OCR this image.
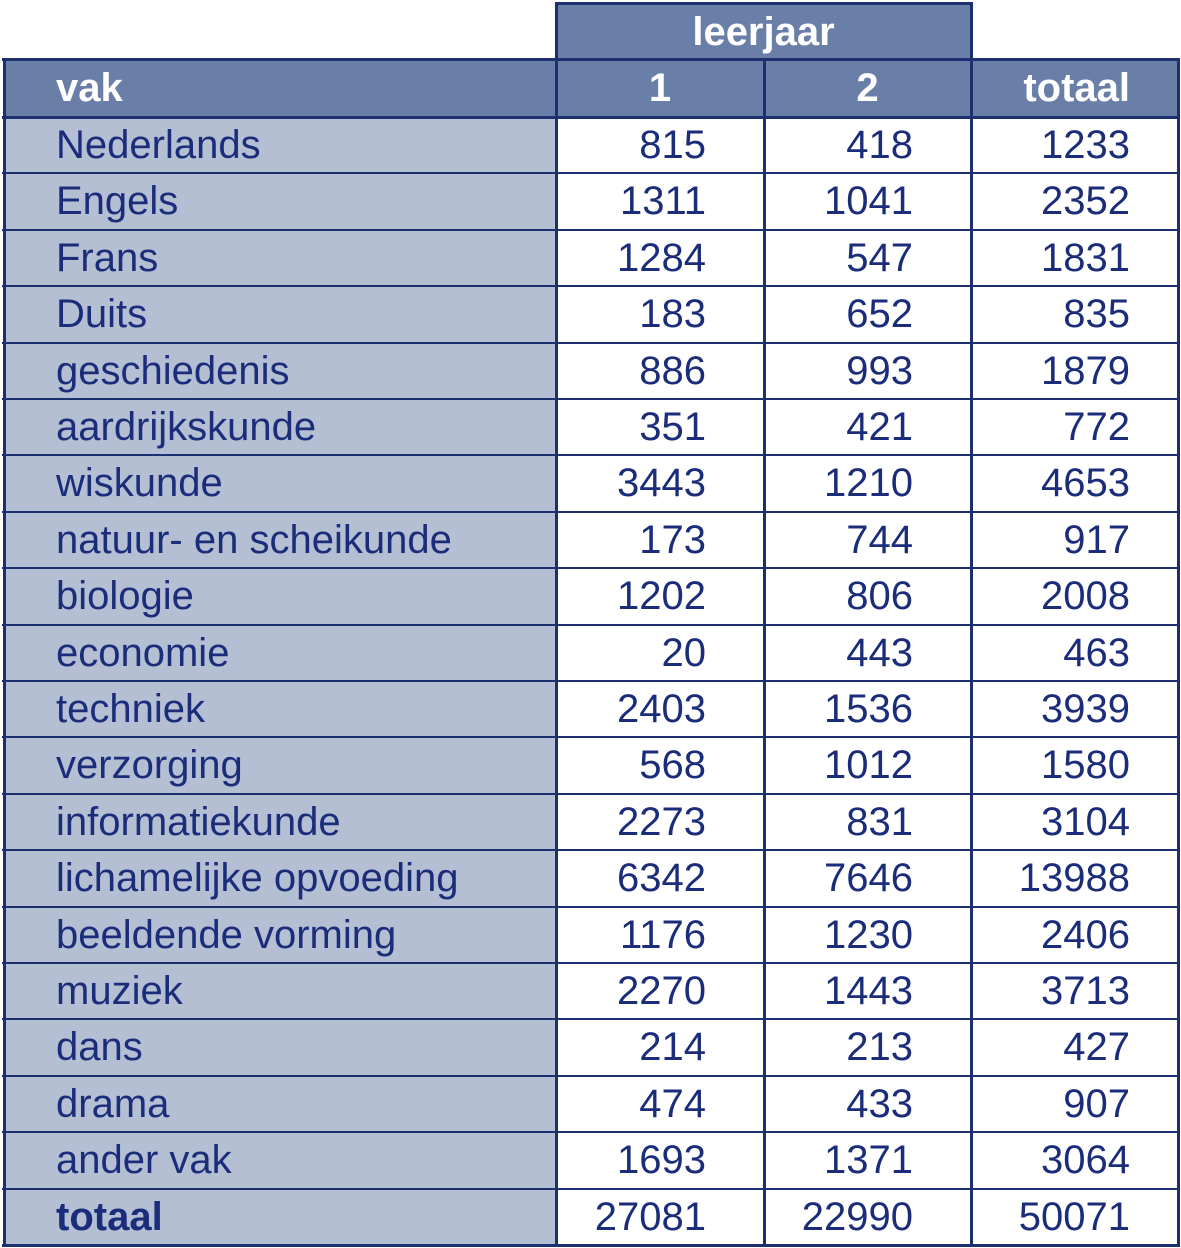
leerjaar
vak	1	2	totaal
Nederlands	815	418	1233
Engels	1311	1041	2352
Frans	1284	547	1831
Duits	183	652	835
geschiedenis	886	993	1879
aardrijkskunde	351	421	772
wiskunde	3443	1210	4653
natuur- en scheikunde	173	744	917
biologie	1202	806	2008
economie	20	443	463
techniek	2403	1536	3939
verzorging	568	1012	1580
informatiekunde	2273	831	3104
lichamelijke opvoeding	6342	7646	13988
beeldende vorming	1176	1230	2406
muziek	2270	1443	3713
dans	214	213	427
drama	474	433	907
ander vak	1693	1371	3064
totaal	27081	22990	50071
